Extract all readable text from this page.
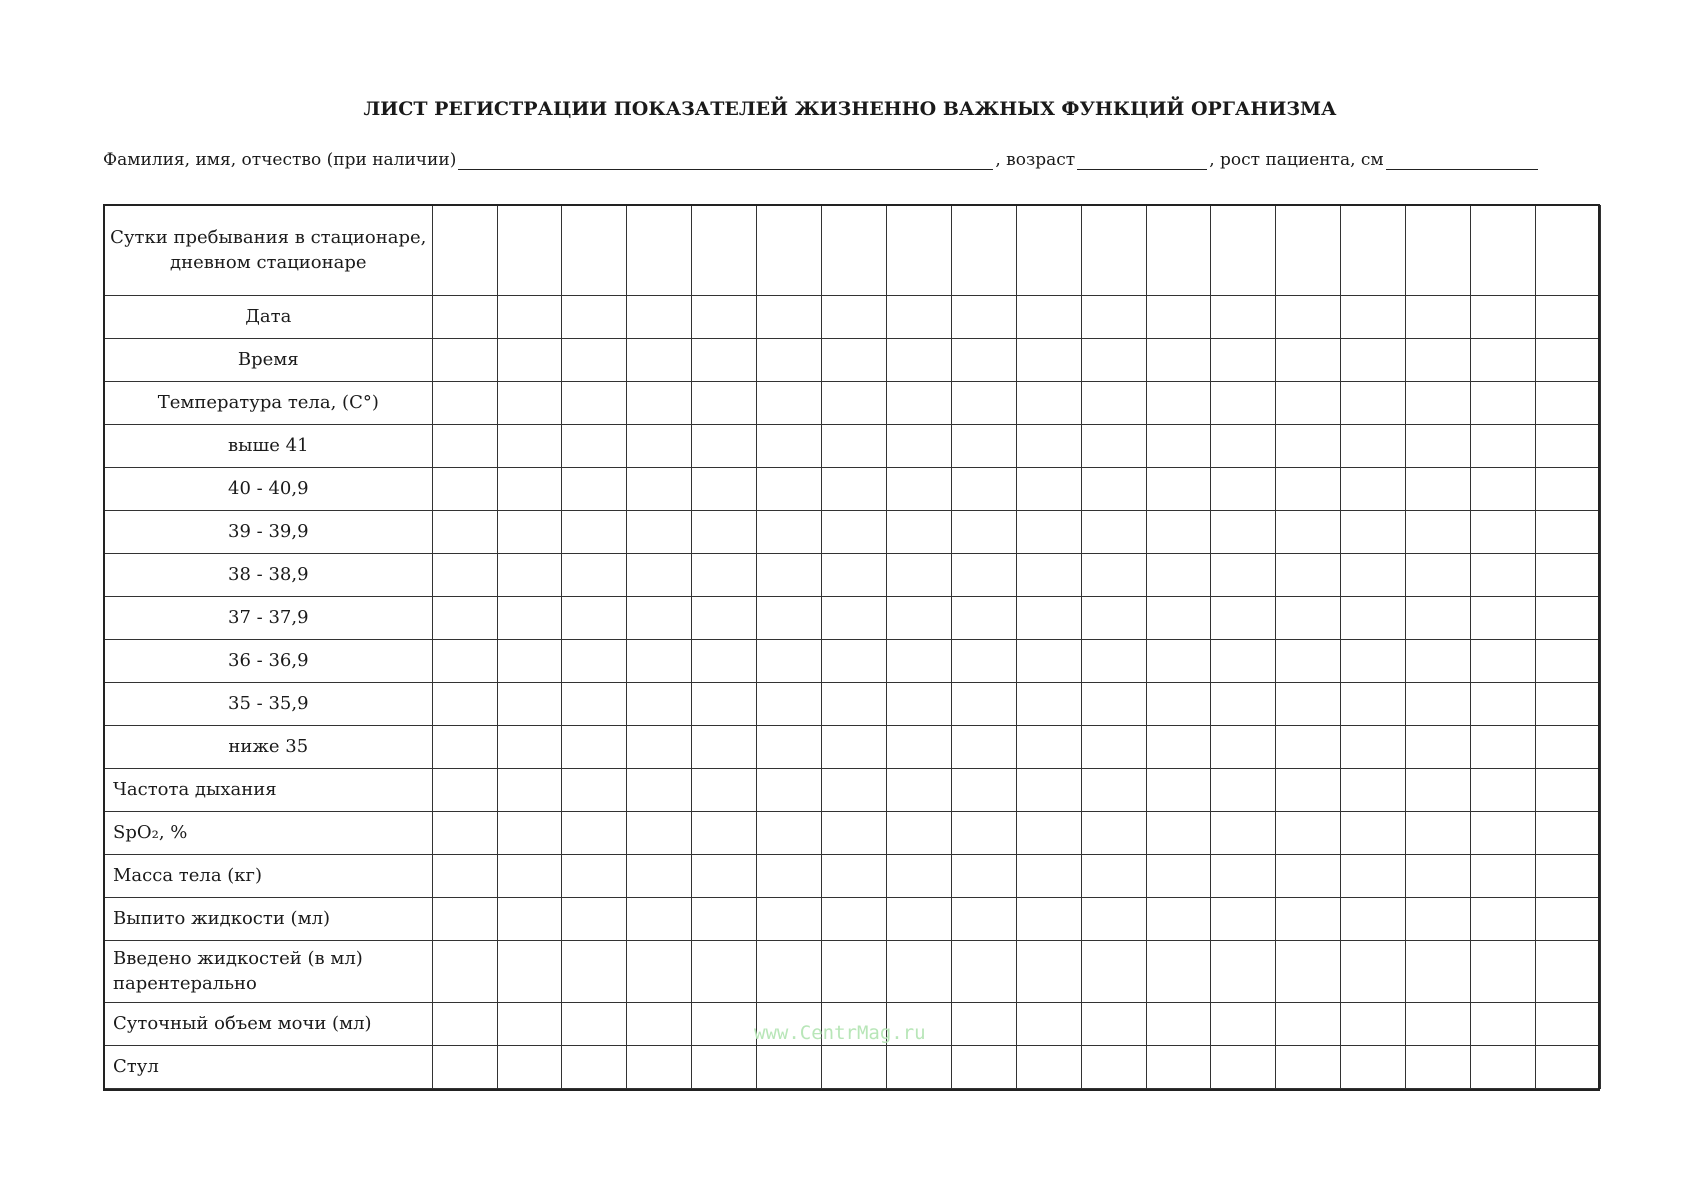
ЛИСТ РЕГИСТРАЦИИ ПОКАЗАТЕЛЕЙ ЖИЗНЕННО ВАЖНЫХ ФУНКЦИЙ ОРГАНИЗМА
Фамилия, имя, отчество (при наличии)	, возраст	, рост пациента, см
Сутки пребывания в стационаре, дневном стационаре																		
Дата																		
Время																		
Температура тела, (С°)																		
выше 41																		
40 - 40,9																		
39 - 39,9																		
38 - 38,9																		
37 - 37,9																		
36 - 36,9																		
35 - 35,9																		
ниже 35																		
Частота дыхания																		
SpO₂, %																		
Масса тела (кг)																		
Выпито жидкости (мл)																		
Введено жидкостей (в мл) парентерально																		
Суточный объем мочи (мл)																		
Стул																		
www.CentrMag.ru
